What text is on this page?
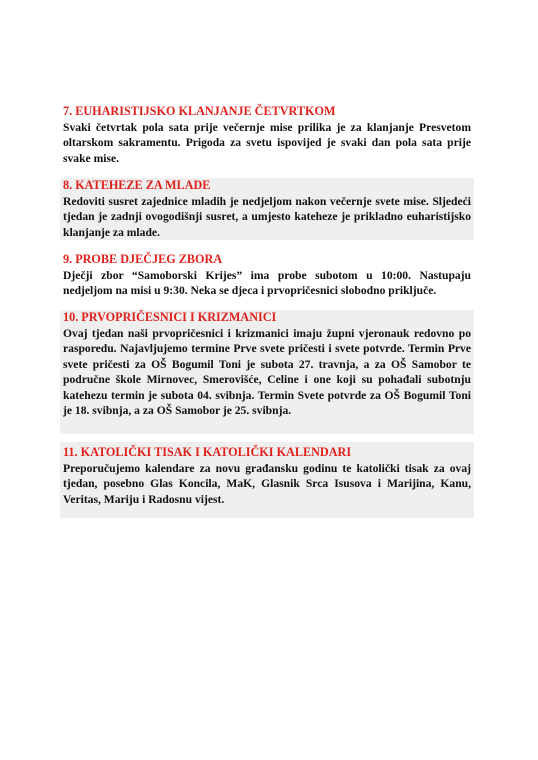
7. EUHARISTIJSKO KLANJANJE ČETVRTKOM
Svaki četvrtak pola sata prije večernje mise prilika je za klanjanje Presvetom oltarskom sakramentu. Prigoda za svetu ispovijed je svaki dan pola sata prije svake mise.
8. KATEHEZE ZA MLADE
Redoviti susret zajednice mladih je nedjeljom nakon večernje svete mise. Sljedeći tjedan je zadnji ovogodišnji susret, a umjesto kateheze je prikladno euharistijsko klanjanje za mlade.
9. PROBE DJEČJEG ZBORA
Dječji zbor “Samoborski Krijes” ima probe subotom u 10:00. Nastupaju nedjeljom na misi u 9:30. Neka se djeca i prvopričesnici slobodno priključe.
10. PRVOPRIČESNICI I KRIZMANICI
Ovaj tjedan naši prvopričesnici i krizmanici imaju župni vjeronauk redovno po rasporedu. Najavljujemo termine Prve svete pričesti i svete potvrde. Termin Prve svete pričesti za OŠ Bogumil Toni je subota 27. travnja, a za OŠ Samobor te područne škole Mirnovec, Smerovišće, Celine i one koji su pohađali subotnju katehezu termin je subota 04. svibnja. Termin Svete potvrde za OŠ Bogumil Toni je 18. svibnja, a za OŠ Samobor je 25. svibnja.
11. KATOLIČKI TISAK I KATOLIČKI KALENDARI
Preporučujemo kalendare za novu građansku godinu te katolički tisak za ovaj tjedan, posebno Glas Koncila, MaK, Glasnik Srca Isusova i Marijina, Kanu, Veritas, Mariju i Radosnu vijest.
